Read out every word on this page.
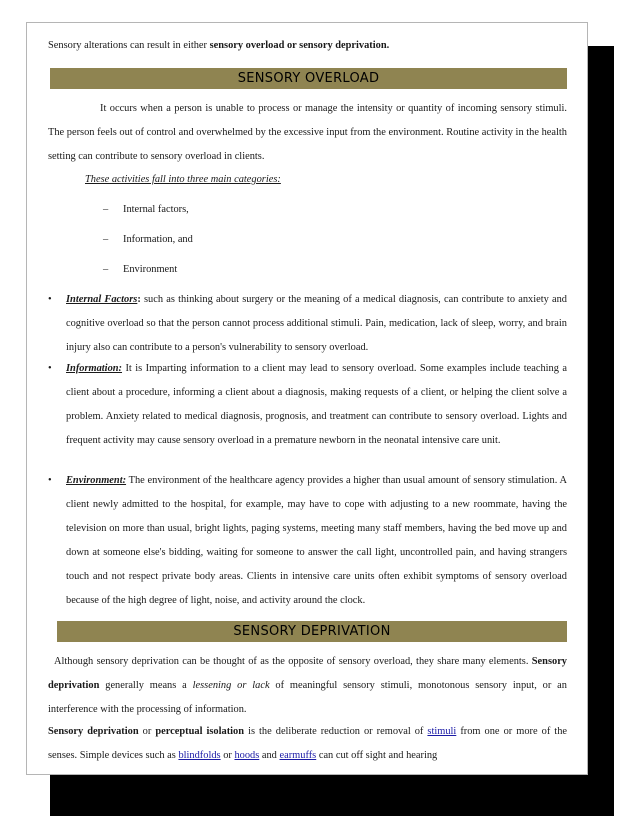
Sensory alterations can result in either sensory overload or sensory deprivation.
SENSORY OVERLOAD
It occurs when a person is unable to process or manage the intensity or quantity of incoming sensory stimuli. The person feels out of control and overwhelmed by the excessive input from the environment. Routine activity in the health setting can contribute to sensory overload in clients.
These activities fall into three main categories:
– Internal factors,
– Information, and
– Environment
• Internal Factors: such as thinking about surgery or the meaning of a medical diagnosis, can contribute to anxiety and cognitive overload so that the person cannot process additional stimuli. Pain, medication, lack of sleep, worry, and brain injury also can contribute to a person's vulnerability to sensory overload.
• Information: It is Imparting information to a client may lead to sensory overload. Some examples include teaching a client about a procedure, informing a client about a diagnosis, making requests of a client, or helping the client solve a problem. Anxiety related to medical diagnosis, prognosis, and treatment can contribute to sensory overload. Lights and frequent activity may cause sensory overload in a premature newborn in the neonatal intensive care unit.
• Environment: The environment of the healthcare agency provides a higher than usual amount of sensory stimulation. A client newly admitted to the hospital, for example, may have to cope with adjusting to a new roommate, having the television on more than usual, bright lights, paging systems, meeting many staff members, having the bed move up and down at someone else's bidding, waiting for someone to answer the call light, uncontrolled pain, and having strangers touch and not respect private body areas. Clients in intensive care units often exhibit symptoms of sensory overload because of the high degree of light, noise, and activity around the clock.
SENSORY DEPRIVATION
Although sensory deprivation can be thought of as the opposite of sensory overload, they share many elements. Sensory deprivation generally means a lessening or lack of meaningful sensory stimuli, monotonous sensory input, or an interference with the processing of information.
Sensory deprivation or perceptual isolation is the deliberate reduction or removal of stimuli from one or more of the senses. Simple devices such as blindfolds or hoods and earmuffs can cut off sight and hearing
